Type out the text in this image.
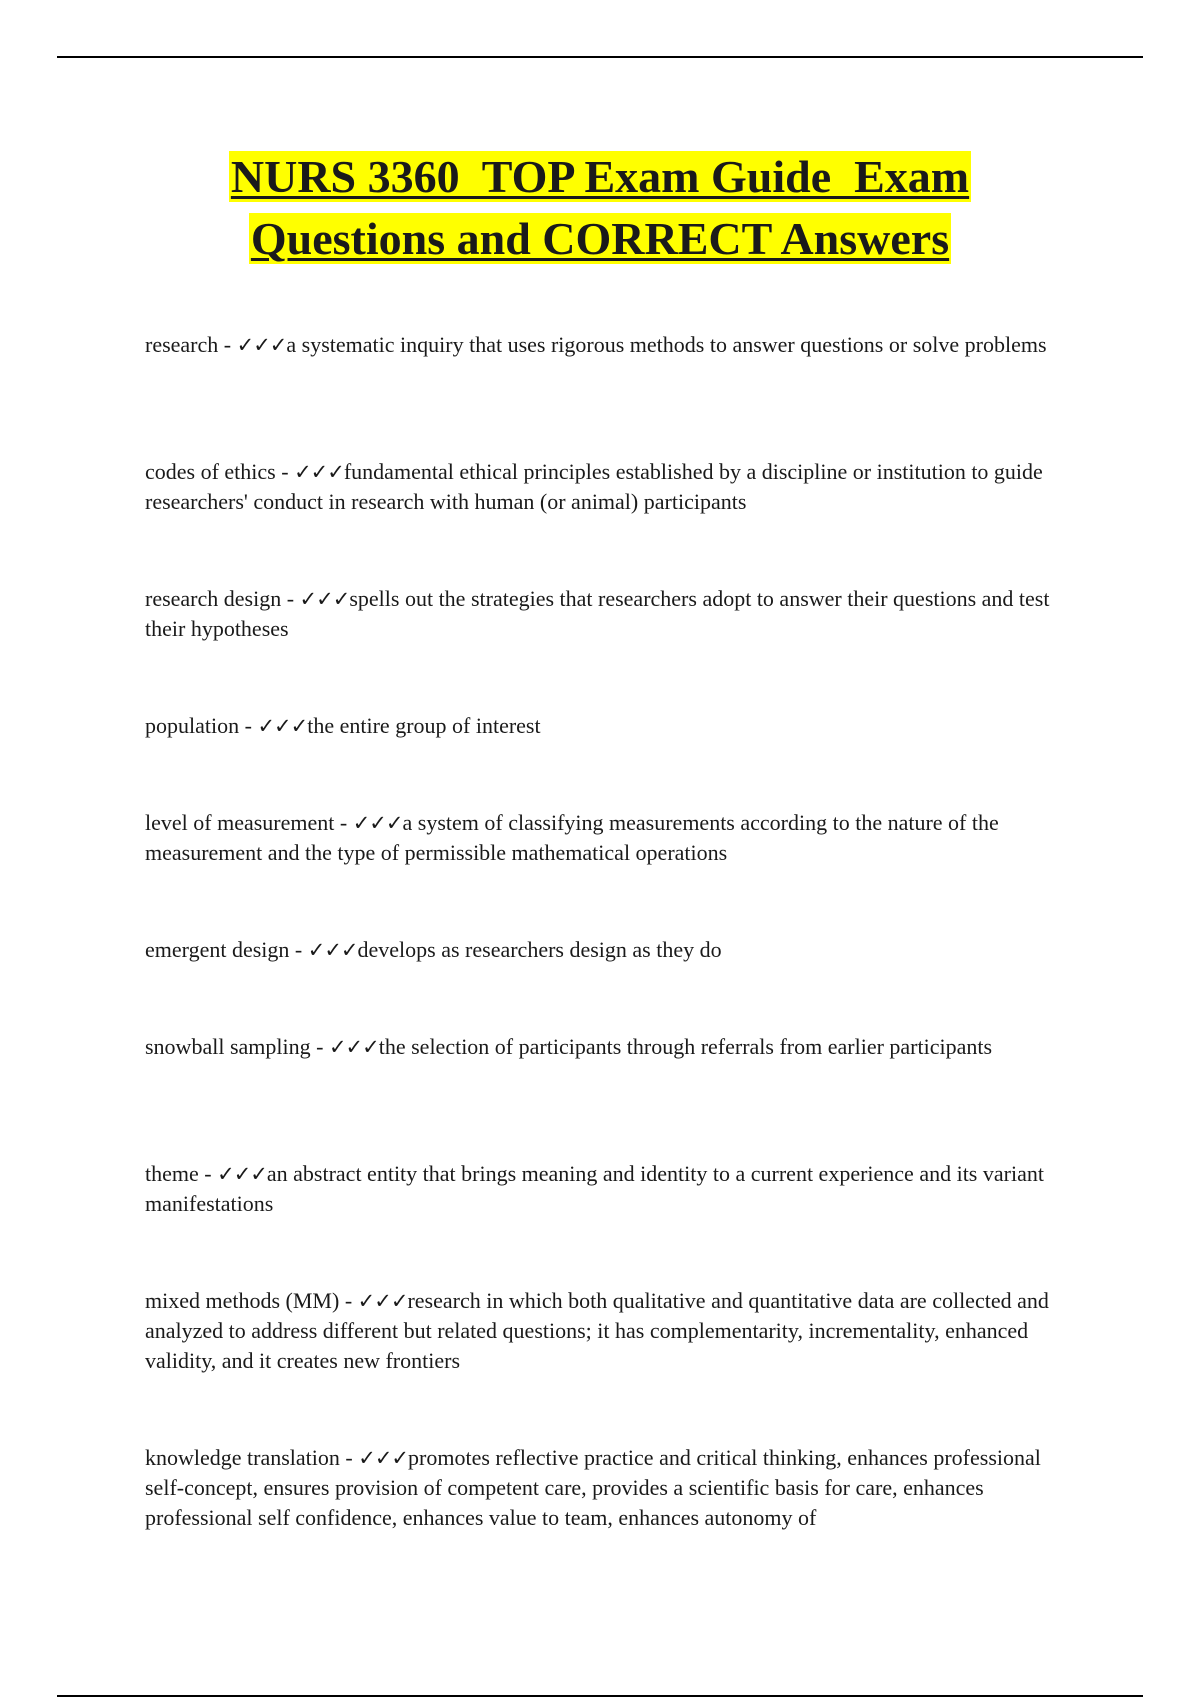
NURS 3360  TOP Exam Guide  Exam
Questions and CORRECT Answers

research - ✓✓✓a systematic inquiry that uses rigorous methods to answer questions or solve problems

codes of ethics - ✓✓✓fundamental ethical principles established by a discipline or institution to guide researchers' conduct in research with human (or animal) participants

research design - ✓✓✓spells out the strategies that researchers adopt to answer their questions and test their hypotheses

population - ✓✓✓the entire group of interest

level of measurement - ✓✓✓a system of classifying measurements according to the nature of the measurement and the type of permissible mathematical operations

emergent design - ✓✓✓develops as researchers design as they do

snowball sampling - ✓✓✓the selection of participants through referrals from earlier participants

theme - ✓✓✓an abstract entity that brings meaning and identity to a current experience and its variant manifestations

mixed methods (MM) - ✓✓✓research in which both qualitative and quantitative data are collected and analyzed to address different but related questions; it has complementarity, incrementality, enhanced validity, and it creates new frontiers

knowledge translation - ✓✓✓promotes reflective practice and critical thinking, enhances professional self-concept, ensures provision of competent care, provides a scientific basis for care, enhances professional self confidence, enhances value to team, enhances autonomy of
